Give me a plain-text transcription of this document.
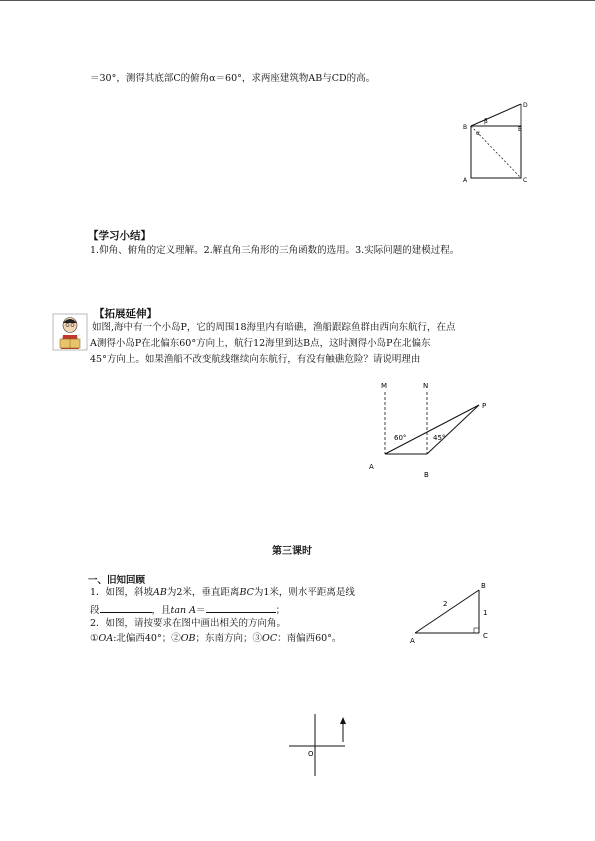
＝30°，测得其底部C的俯角α＝60°，求两座建筑物AB与CD的高。
B
A	C
D
β
α
E
【学习小结】
1.仰角、俯角的定义理解。2.解直角三角形的三角函数的选用。3.实际问题的建模过程。
【拓展延伸】
如图,海中有一个小岛P，它的周围18海里内有暗礁，渔船跟踪鱼群由西向东航行，在点
A测得小岛P在北偏东60°方向上，航行12海里到达B点，这时测得小岛P在北偏东
45°方向上。如果渔船不改变航线继续向东航行，有没有触礁危险？请说明理由
M	N
P
A
B
60°	45°
第三课时
一、旧知回顾
1．如图，斜坡AB为2米，垂直距离BC为1米，则水平距离是线
段	，且tan A＝	；
2．如图，请按要求在图中画出相关的方向角。
①OA:北偏西40°；②OB；东南方向；③OC：南偏西60°。
B
A
C
2
1
O
